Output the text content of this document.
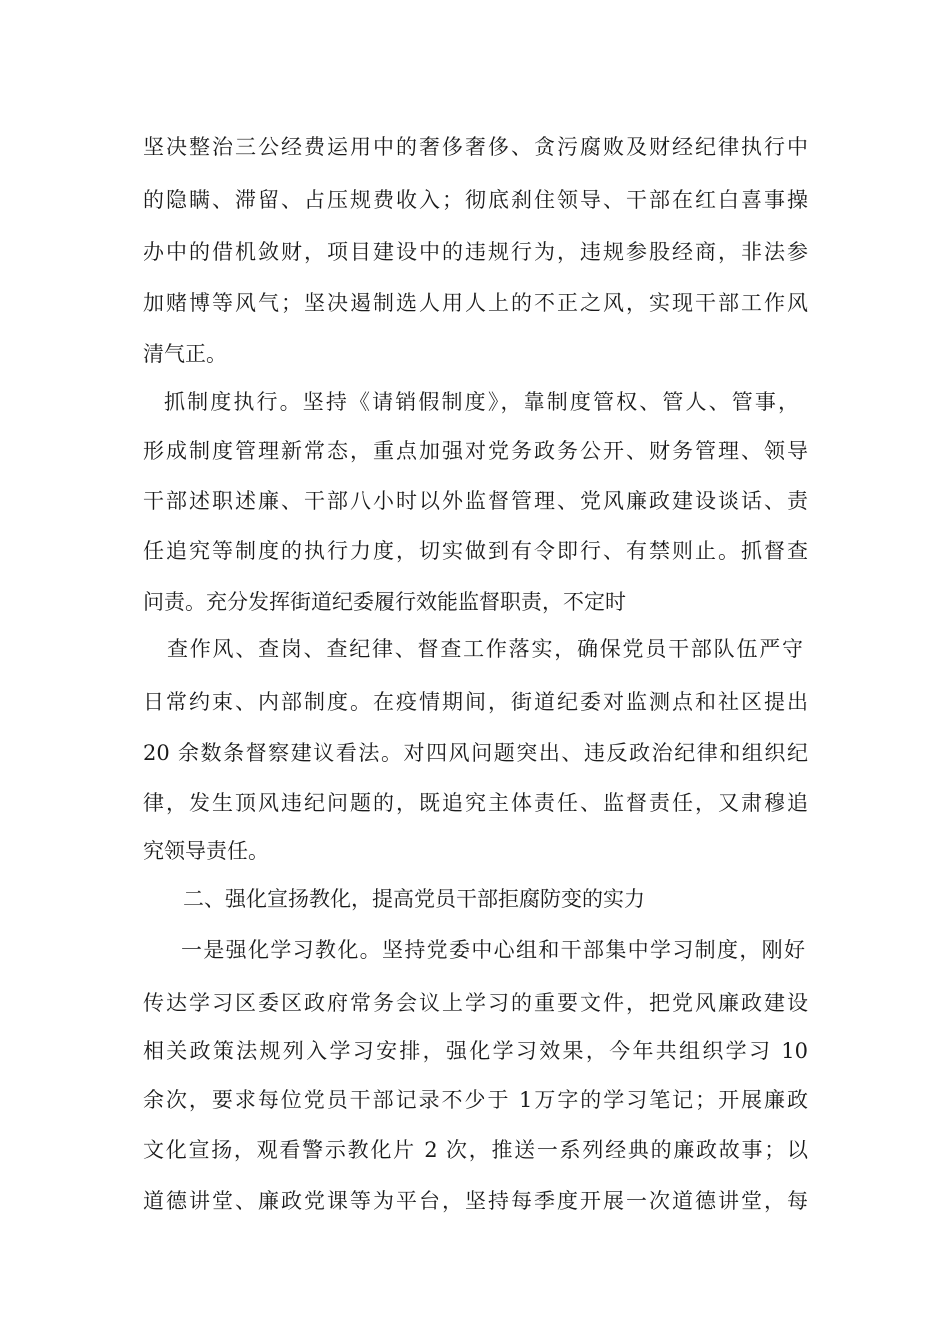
坚决整治三公经费运用中的奢侈奢侈、贪污腐败及财经纪律执行中
的隐瞒、滞留、占压规费收入；彻底刹住领导、干部在红白喜事操
办中的借机敛财，项目建设中的违规行为，违规参股经商，非法参
加赌博等风气；坚决遏制选人用人上的不正之风，实现干部工作风
清气正。
抓制度执行。坚持《请销假制度》，靠制度管权、管人、管事，
形成制度管理新常态，重点加强对党务政务公开、财务管理、领导
干部述职述廉、干部八小时以外监督管理、党风廉政建设谈话、责
任追究等制度的执行力度，切实做到有令即行、有禁则止。抓督查
问责。充分发挥街道纪委履行效能监督职责，不定时
查作风、查岗、查纪律、督查工作落实，确保党员干部队伍严守
日常约束、内部制度。在疫情期间，街道纪委对监测点和社区提出
20 余数条督察建议看法。对四风问题突出、违反政治纪律和组织纪
律，发生顶风违纪问题的，既追究主体责任、监督责任，又肃穆追
究领导责任。
二、强化宣扬教化，提高党员干部拒腐防变的实力
一是强化学习教化。坚持党委中心组和干部集中学习制度，刚好
传达学习区委区政府常务会议上学习的重要文件，把党风廉政建设
相关政策法规列入学习安排，强化学习效果，今年共组织学习 10
余次，要求每位党员干部记录不少于 1万字的学习笔记；开展廉政
文化宣扬，观看警示教化片 2 次，推送一系列经典的廉政故事；以
道德讲堂、廉政党课等为平台，坚持每季度开展一次道德讲堂，每
